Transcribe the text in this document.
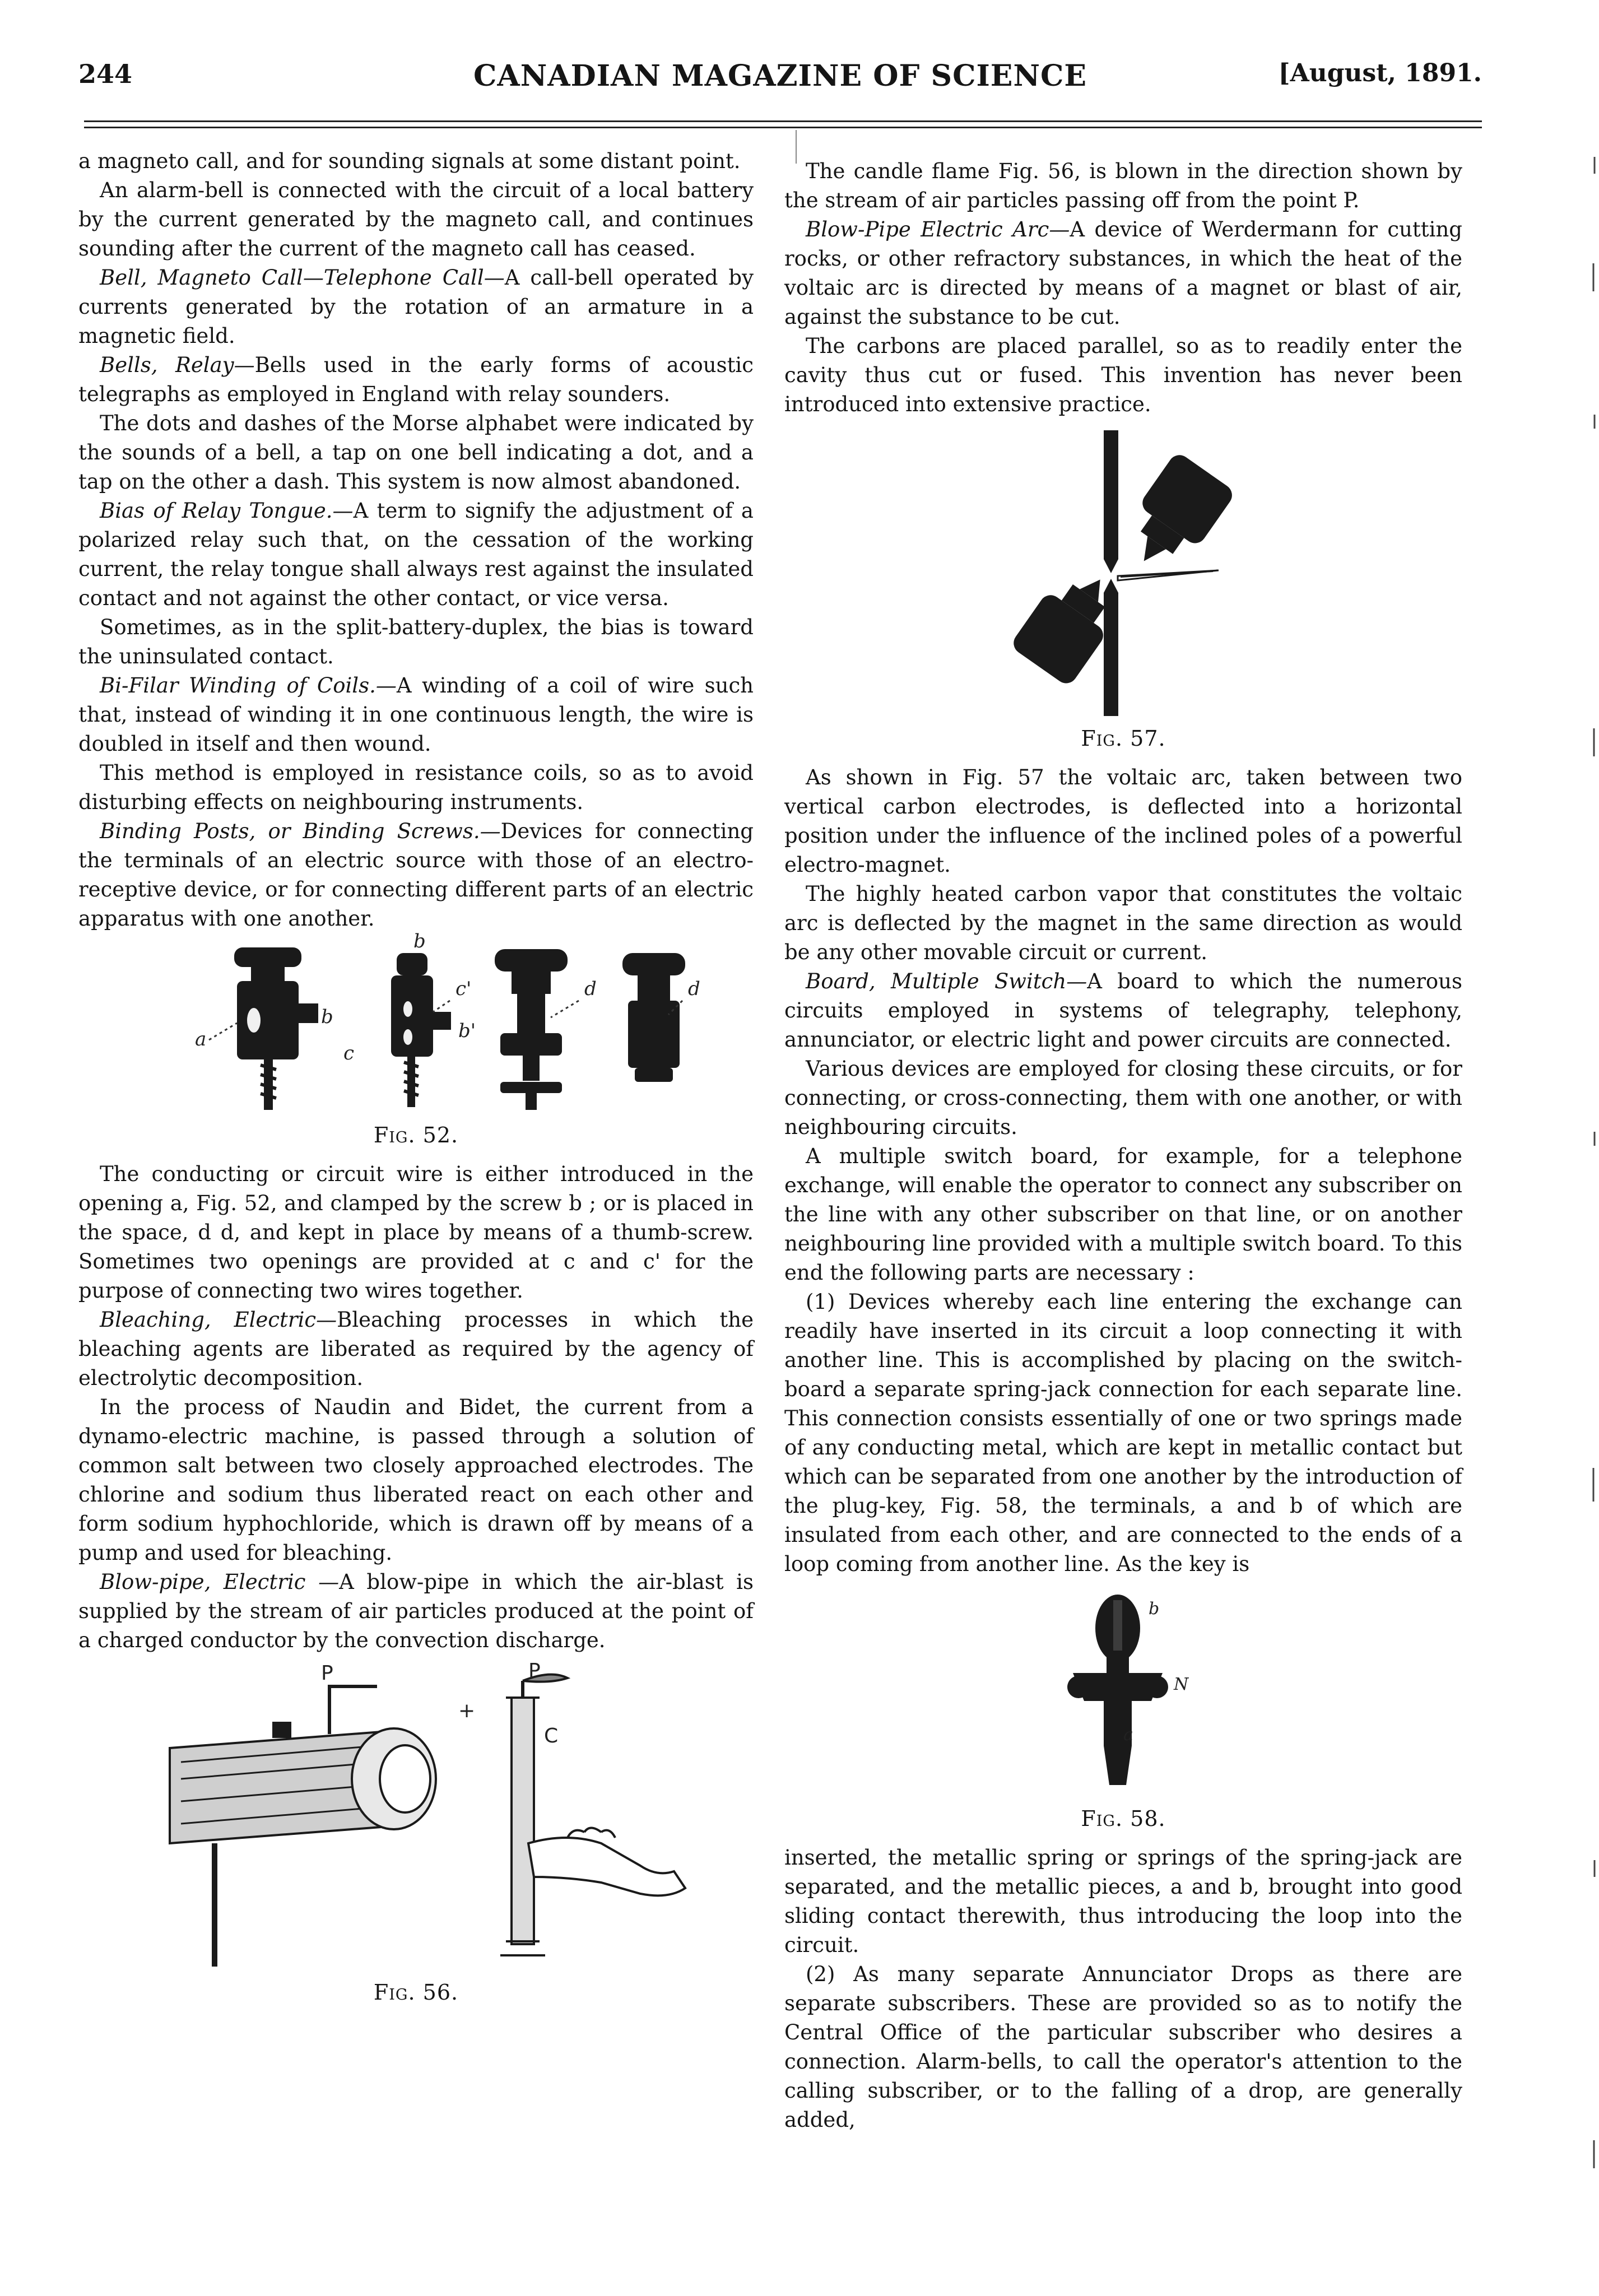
244	CANADIAN MAGAZINE OF SCIENCE	[August, 1891.

a magneto call, and for sounding signals at some distant point.

An alarm-bell is connected with the circuit of a local battery by the current generated by the magneto call, and continues sounding after the current of the magneto call has ceased.

Bell, Magneto Call—Telephone Call—A call-bell operated by currents generated by the rotation of an armature in a magnetic field.

Bells, Relay—Bells used in the early forms of acoustic telegraphs as employed in England with relay sounders.

The dots and dashes of the Morse alphabet were indicated by the sounds of a bell, a tap on one bell indicating a dot, and a tap on the other a dash. This system is now almost abandoned.

Bias of Relay Tongue.—A term to signify the adjustment of a polarized relay such that, on the cessation of the working current, the relay tongue shall always rest against the insulated contact and not against the other contact, or vice versa.

Sometimes, as in the split-battery-duplex, the bias is toward the uninsulated contact.

Bi-Filar Winding of Coils.—A winding of a coil of wire such that, instead of winding it in one continuous length, the wire is doubled in itself and then wound.

This method is employed in resistance coils, so as to avoid disturbing effects on neighbouring instruments.

Binding Posts, or Binding Screws.—Devices for connecting the terminals of an electric source with those of an electro-receptive device, or for connecting different parts of an electric apparatus with one another.

b
c'	d	d
a
b
c
b'
Fig. 52.

The conducting or circuit wire is either introduced in the opening a, Fig. 52, and clamped by the screw b ; or is placed in the space, d d, and kept in place by means of a thumb-screw. Sometimes two openings are provided at c and c' for the purpose of connecting two wires together.

Bleaching, Electric—Bleaching processes in which the bleaching agents are liberated as required by the agency of electrolytic decomposition.

In the process of Naudin and Bidet, the current from a dynamo-electric machine, is passed through a solution of common salt between two closely approached electrodes. The chlorine and sodium thus liberated react on each other and form sodium hyphochloride, which is drawn off by means of a pump and used for bleaching.

Blow-pipe, Electric —A blow-pipe in which the air-blast is supplied by the stream of air particles produced at the point of a charged conductor by the convection discharge.

P	P
+
C
Fig. 56.

The candle flame Fig. 56, is blown in the direction shown by the stream of air particles passing off from the point P.

Blow-Pipe Electric Arc—A device of Werdermann for cutting rocks, or other refractory substances, in which the heat of the voltaic arc is directed by means of a magnet or blast of air, against the substance to be cut.

The carbons are placed parallel, so as to readily enter the cavity thus cut or fused. This invention has never been introduced into extensive practice.

Fig. 57.

As shown in Fig. 57 the voltaic arc, taken between two vertical carbon electrodes, is deflected into a horizontal position under the influence of the inclined poles of a powerful electro-magnet.

The highly heated carbon vapor that constitutes the voltaic arc is deflected by the magnet in the same direction as would be any other movable circuit or current.

Board, Multiple Switch—A board to which the numerous circuits employed in systems of telegraphy, telephony, annunciator, or electric light and power circuits are connected.

Various devices are employed for closing these circuits, or for connecting, or cross-connecting, them with one another, or with neighbouring circuits.

A multiple switch board, for example, for a telephone exchange, will enable the operator to connect any subscriber on the line with any other subscriber on that line, or on another neighbouring line provided with a multiple switch board. To this end the following parts are necessary :

(1) Devices whereby each line entering the exchange can readily have inserted in its circuit a loop connecting it with another line. This is accomplished by placing on the switch-board a separate spring-jack connection for each separate line. This connection consists essentially of one or two springs made of any conducting metal, which are kept in metallic contact but which can be separated from one another by the introduction of the plug-key, Fig. 58, the terminals, a and b of which are insulated from each other, and are connected to the ends of a loop coming from another line. As the key is

b
N
a
Fig. 58.

inserted, the metallic spring or springs of the spring-jack are separated, and the metallic pieces, a and b, brought into good sliding contact therewith, thus introducing the loop into the circuit.

(2) As many separate Annunciator Drops as there are separate subscribers. These are provided so as to notify the Central Office of the particular subscriber who desires a connection. Alarm-bells, to call the operator's attention to the calling subscriber, or to the falling of a drop, are generally added,
